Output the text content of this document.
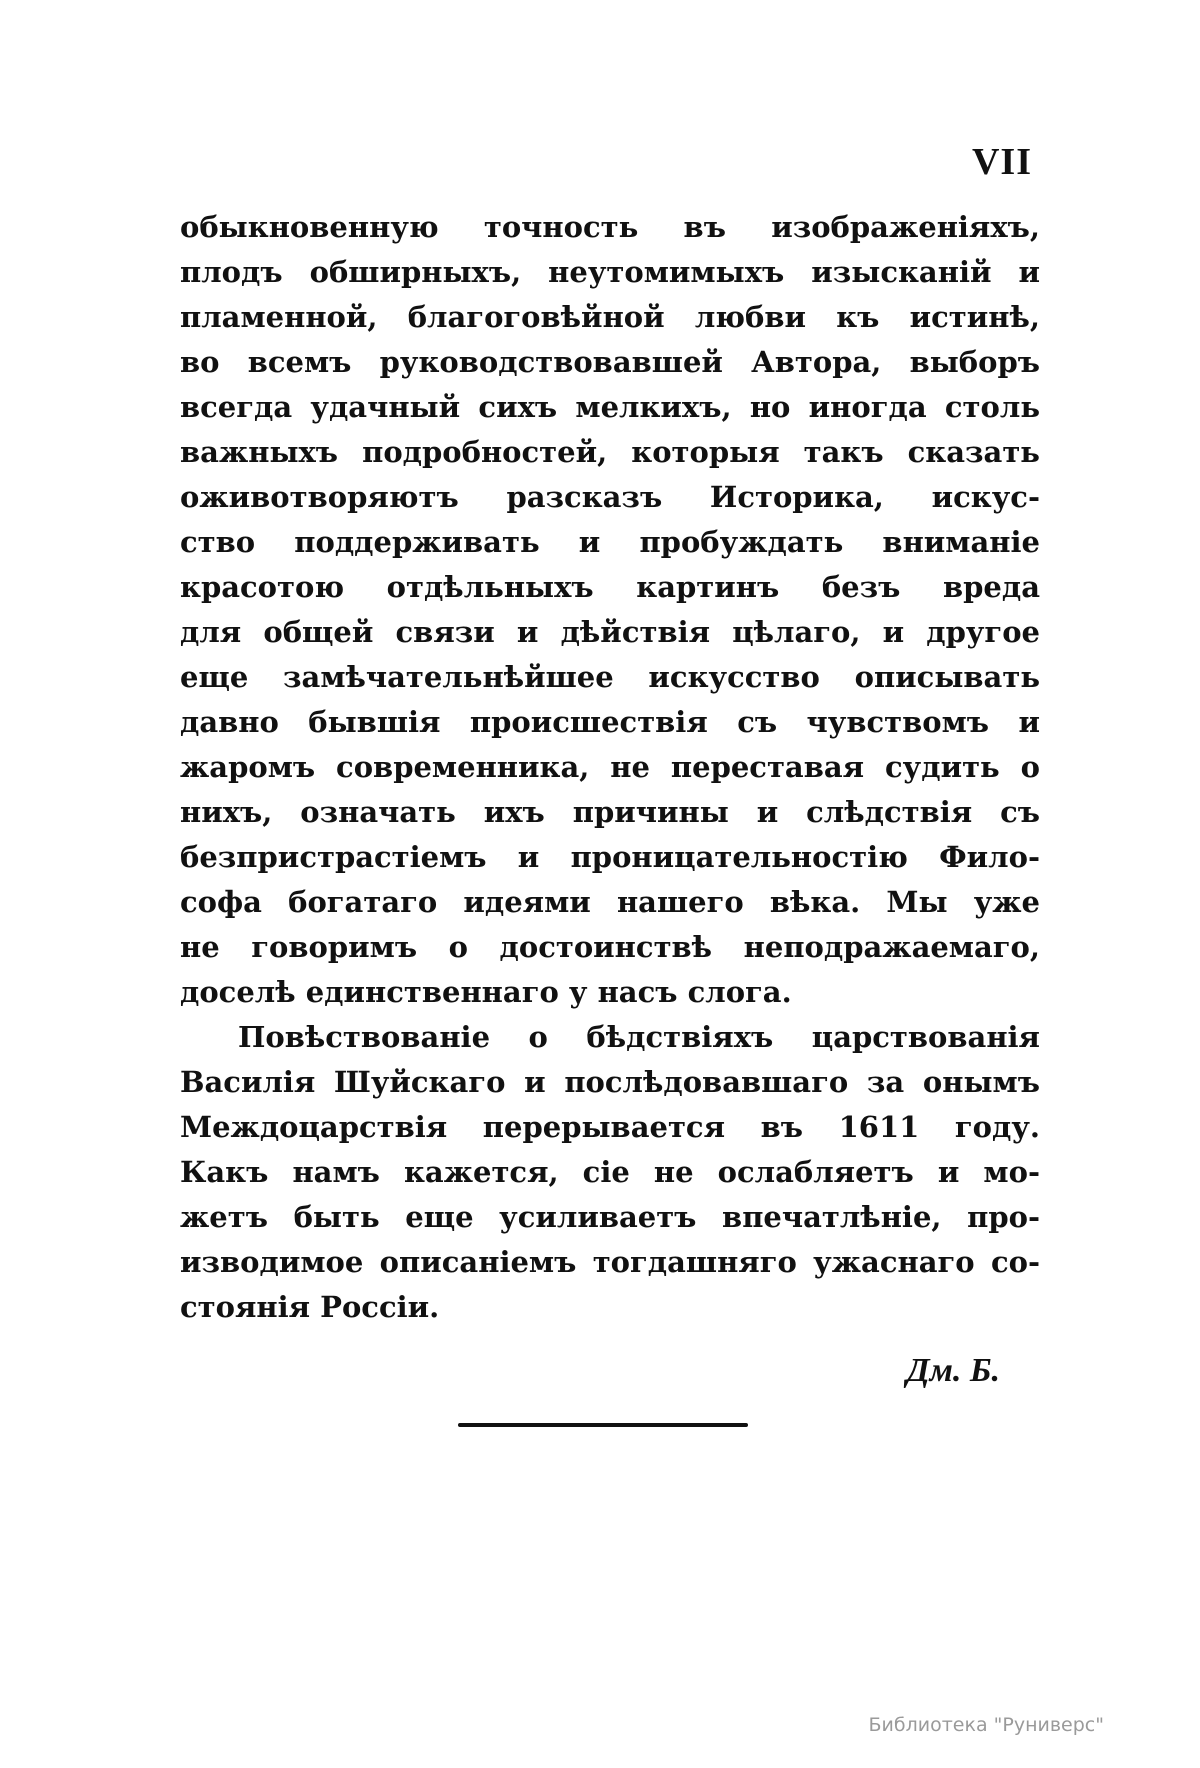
VII
обыкновенную точность въ изображеніяхъ,
плодъ обширныхъ, неутомимыхъ изысканій и
пламенной, благоговѣйной любви къ истинѣ,
во всемъ руководствовавшей Автора, выборъ
всегда удачный сихъ мелкихъ, но иногда столь
важныхъ подробностей, которыя такъ сказать
оживотворяютъ разсказъ Историка, искус-
ство поддерживать и пробуждать вниманіе
красотою отдѣльныхъ картинъ безъ вреда
для общей связи и дѣйствія цѣлаго, и другое
еще замѣчательнѣйшее искусство описывать
давно бывшія происшествія съ чувствомъ и
жаромъ современника, не переставая судить о
нихъ, означать ихъ причины и слѣдствія съ
безпристрастіемъ и проницательностію Фило-
софа богатаго идеями нашего вѣка. Мы уже
не говоримъ о достоинствѣ неподражаемаго,
доселѣ единственнаго у насъ слога.
Повѣствованіе о бѣдствіяхъ царствованія
Василія Шуйскаго и послѣдовавшаго за онымъ
Междоцарствія перерывается въ 1611 году.
Какъ намъ кажется, сіе не ослабляетъ и мо-
жетъ быть еще усиливаетъ впечатлѣніе, про-
изводимое описаніемъ тогдашняго ужаснаго со-
стоянія Россіи.
Дм. Б.
Библиотека "Руниверс"
